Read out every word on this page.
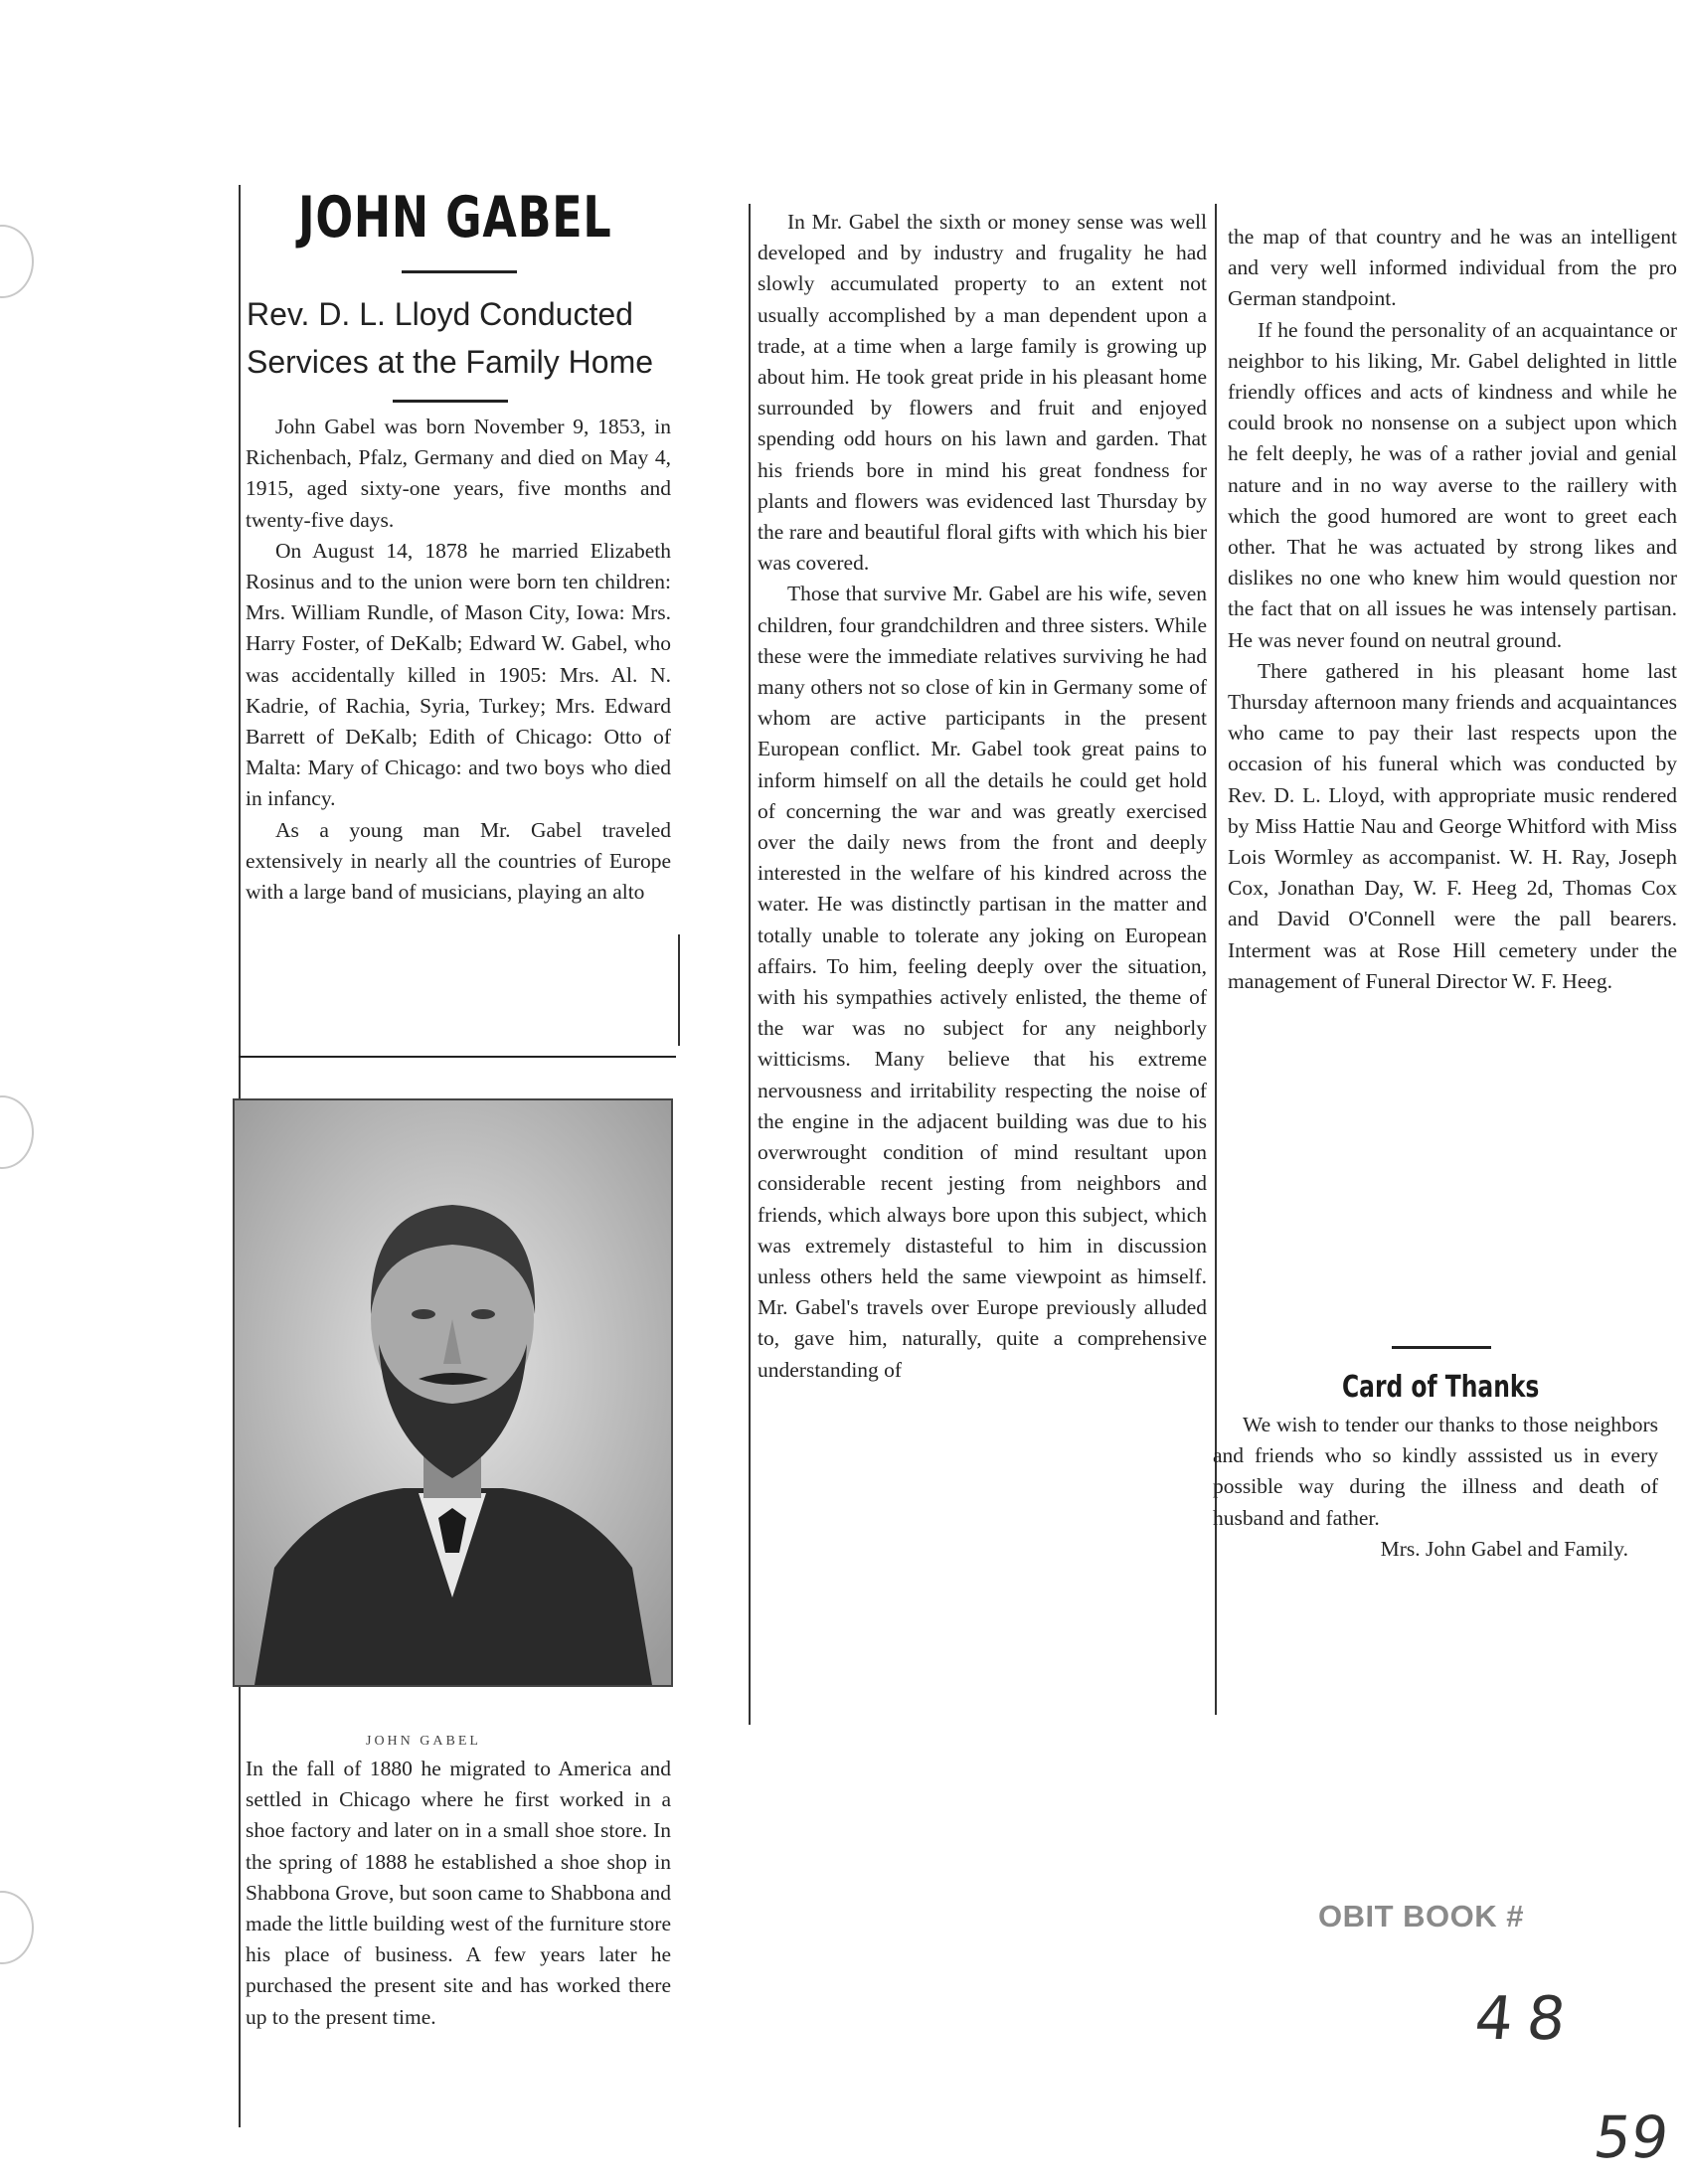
JOHN GABEL
Rev. D. L. Lloyd Conducted Services at the Family Home

John Gabel was born November 9, 1853, in Richenbach, Pfalz, Germany and died on May 4, 1915, aged sixty-one years, five months and twenty-five days.

On August 14, 1878 he married Elizabeth Rosinus and to the union were born ten children: Mrs. William Rundle, of Mason City, Iowa: Mrs. Harry Foster, of DeKalb; Edward W. Gabel, who was accidentally killed in 1905: Mrs. Al. N. Kadrie, of Rachia, Syria, Turkey; Mrs. Edward Barrett of DeKalb; Edith of Chicago: Otto of Malta: Mary of Chicago: and two boys who died in infancy.

As a young man Mr. Gabel traveled extensively in nearly all the countries of Europe with a large band of musicians, playing an alto

JOHN GABEL

In the fall of 1880 he migrated to America and settled in Chicago where he first worked in a shoe factory and later on in a small shoe store. In the spring of 1888 he established a shoe shop in Shabbona Grove, but soon came to Shabbona and made the little building west of the furniture store his place of business. A few years later he purchased the present site and has worked there up to the present time.

In Mr. Gabel the sixth or money sense was well developed and by industry and frugality he had slowly accumulated property to an extent not usually accomplished by a man dependent upon a trade, at a time when a large family is growing up about him. He took great pride in his pleasant home surrounded by flowers and fruit and enjoyed spending odd hours on his lawn and garden. That his friends bore in mind his great fondness for plants and flowers was evidenced last Thursday by the rare and beautiful floral gifts with which his bier was covered.

Those that survive Mr. Gabel are his wife, seven children, four grandchildren and three sisters. While these were the immediate relatives surviving he had many others not so close of kin in Germany some of whom are active participants in the present European conflict. Mr. Gabel took great pains to inform himself on all the details he could get hold of concerning the war and was greatly exercised over the daily news from the front and deeply interested in the welfare of his kindred across the water. He was distinctly partisan in the matter and totally unable to tolerate any joking on European affairs. To him, feeling deeply over the situation, with his sympathies actively enlisted, the theme of the war was no subject for any neighborly witticisms. Many believe that his extreme nervousness and irritability respecting the noise of the engine in the adjacent building was due to his overwrought condition of mind resultant upon considerable recent jesting from neighbors and friends, which always bore upon this subject, which was extremely distasteful to him in discussion unless others held the same viewpoint as himself. Mr. Gabel's travels over Europe previously alluded to, gave him, naturally, quite a comprehensive understanding of

the map of that country and he was an intelligent and very well informed individual from the pro German standpoint.

If he found the personality of an acquaintance or neighbor to his liking, Mr. Gabel delighted in little friendly offices and acts of kindness and while he could brook no nonsense on a subject upon which he felt deeply, he was of a rather jovial and genial nature and in no way averse to the raillery with which the good humored are wont to greet each other. That he was actuated by strong likes and dislikes no one who knew him would question nor the fact that on all issues he was intensely partisan. He was never found on neutral ground.

There gathered in his pleasant home last Thursday afternoon many friends and acquaintances who came to pay their last respects upon the occasion of his funeral which was conducted by Rev. D. L. Lloyd, with appropriate music rendered by Miss Hattie Nau and George Whitford with Miss Lois Wormley as accompanist. W. H. Ray, Joseph Cox, Jonathan Day, W. F. Heeg 2d, Thomas Cox and David O'Connell were the pall bearers. Interment was at Rose Hill cemetery under the management of Funeral Director W. F. Heeg.

Card of Thanks

We wish to tender our thanks to those neighbors and friends who so kindly asssisted us in every possible way during the illness and death of husband and father.

Mrs. John Gabel and Family.

OBIT BOOK #
48
59
